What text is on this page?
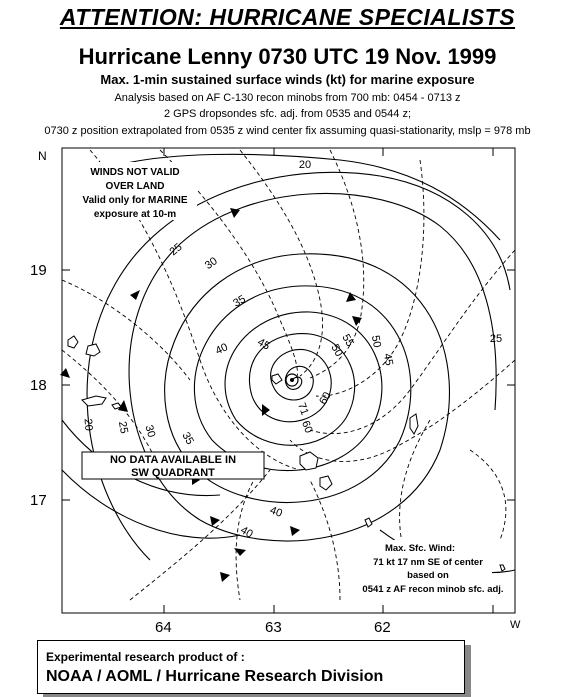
ATTENTION: HURRICANE SPECIALISTS
Hurricane Lenny 0730 UTC 19 Nov. 1999
Max. 1-min sustained surface winds (kt) for marine exposure
Analysis based on AF C-130 recon minobs from 700 mb: 0454 - 0713 z
2 GPS dropsondes sfc. adj. from 0535 and 0544 z;
0730 z position extrapolated from 0535 z wind center fix assuming quasi-stationarity, mslp = 978 mb
N
19
18
17
64	63	62	W
20
25
30
35
40 45	50
55
60
71
60
50
45
40
35
30
25
20
25
40
WINDS NOT VALID
OVER LAND
Valid only for MARINE
exposure at 10-m
NO DATA AVAILABLE IN
SW QUADRANT
Max. Sfc. Wind:
71 kt 17 nm SE of center
based on
0541 z AF recon minob sfc. adj.
Experimental research product of :
NOAA / AOML / Hurricane Research Division
